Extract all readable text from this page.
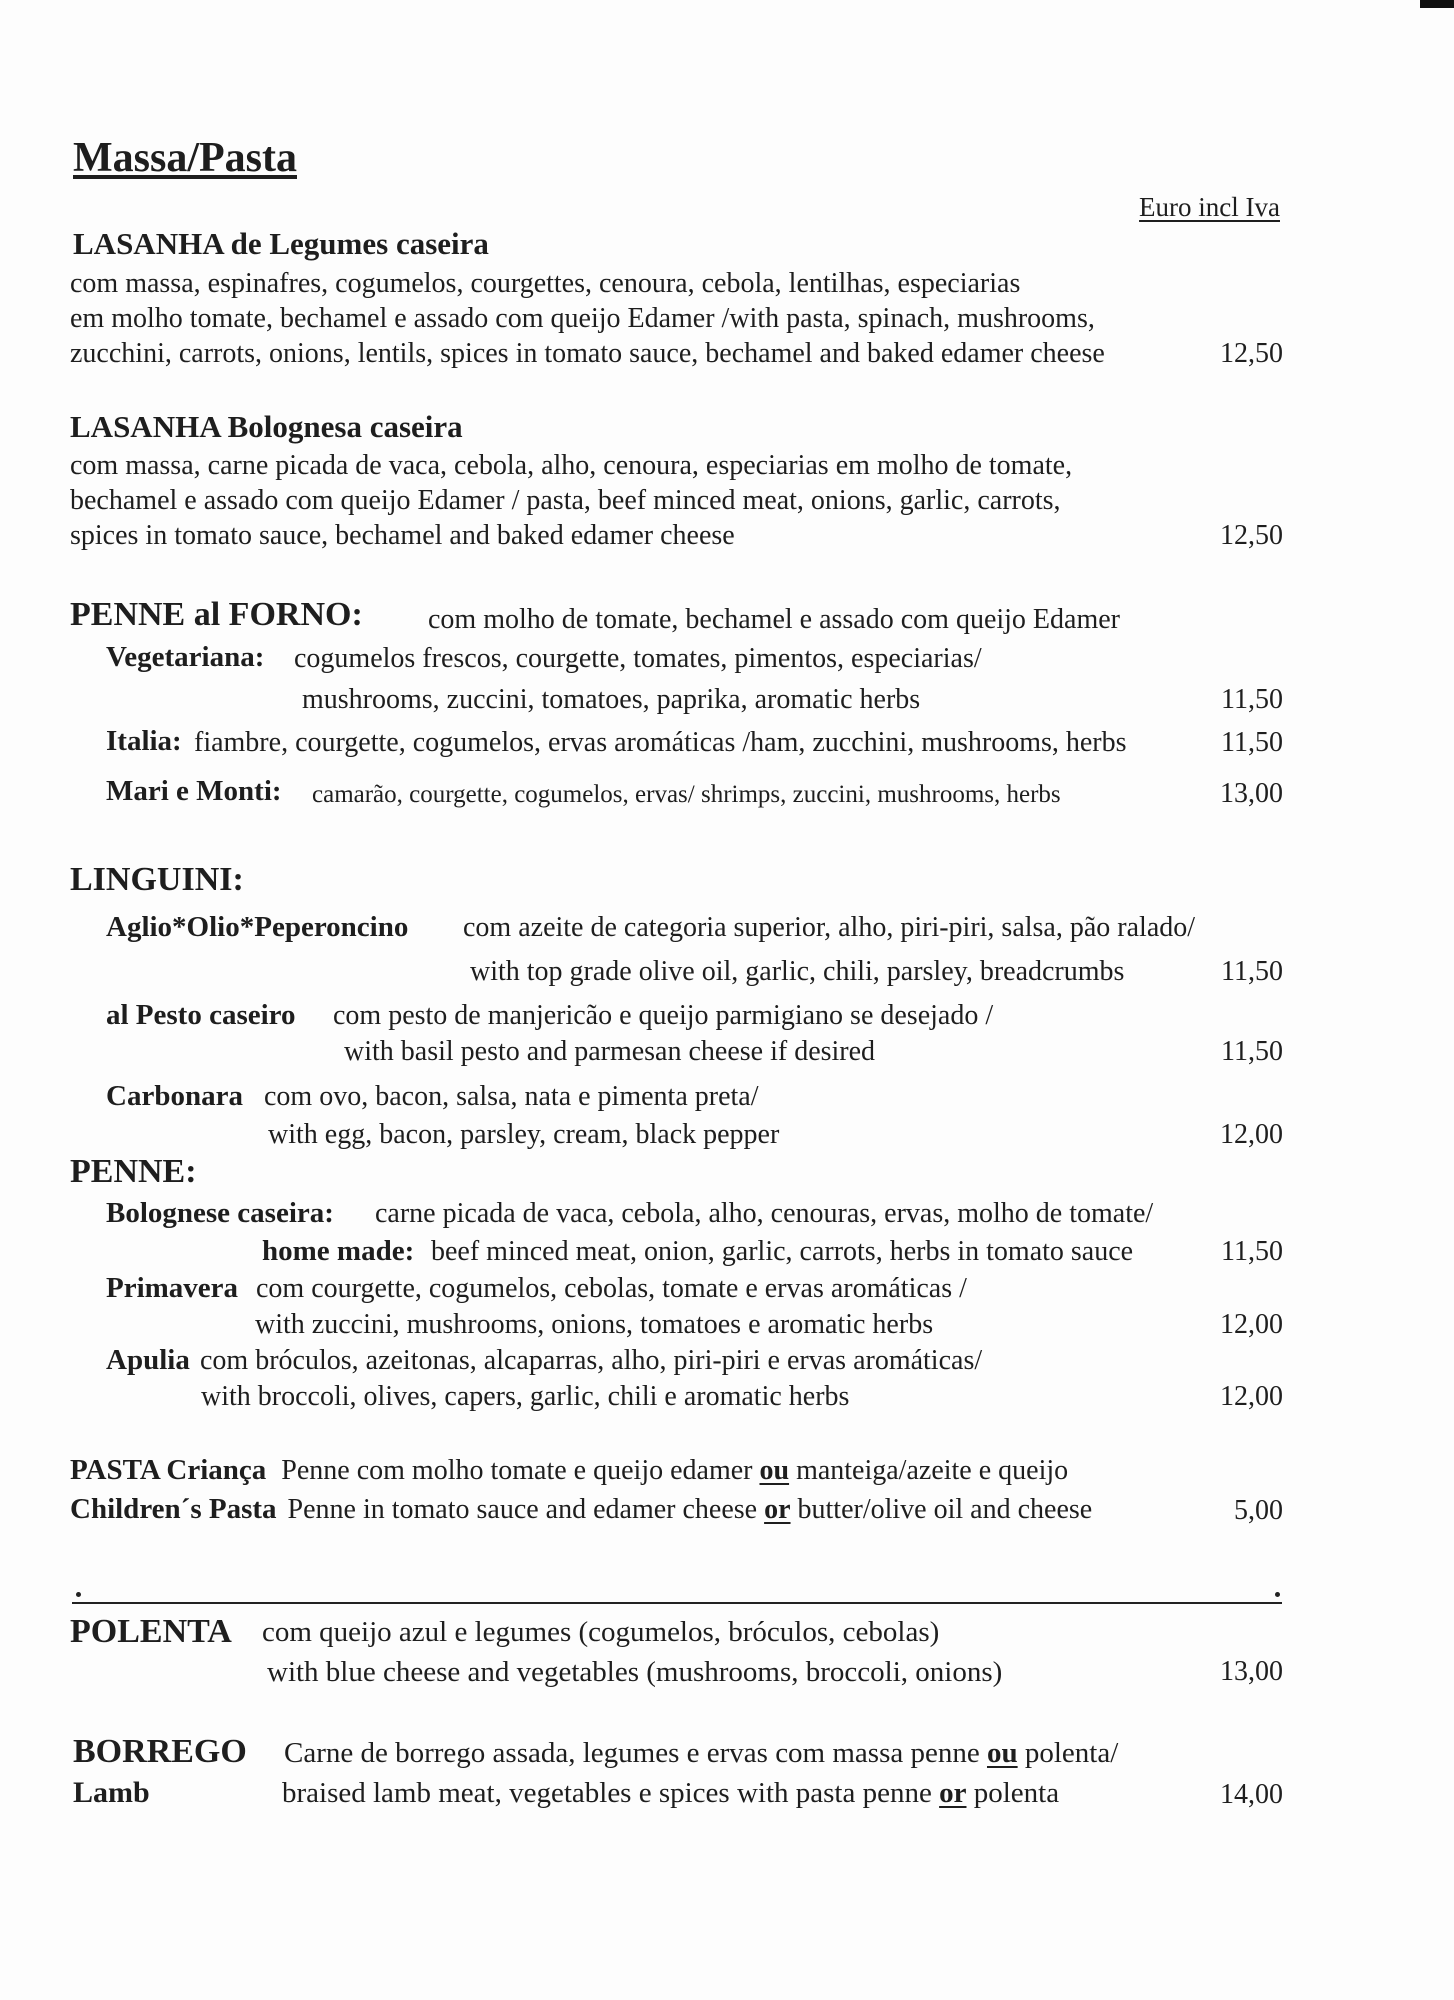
Massa/Pasta
Euro incl Iva
LASANHA de Legumes caseira
com massa, espinafres, cogumelos, courgettes, cenoura, cebola, lentilhas, especiarias
em molho tomate, bechamel e assado com queijo Edamer /with pasta, spinach, mushrooms,
zucchini, carrots, onions, lentils, spices in tomato sauce, bechamel and baked edamer cheese	12,50
LASANHA Bolognesa caseira
com massa, carne picada de vaca, cebola, alho, cenoura, especiarias em molho de tomate,
bechamel e assado com queijo Edamer / pasta, beef minced meat, onions, garlic, carrots,
spices in tomato sauce, bechamel and baked edamer cheese	12,50
PENNE al FORNO: com molho de tomate, bechamel e assado com queijo Edamer
Vegetariana: cogumelos frescos, courgette, tomates, pimentos, especiarias/
mushrooms, zuccini, tomatoes, paprika, aromatic herbs	11,50
Italia: fiambre, courgette, cogumelos, ervas aromáticas /ham, zucchini, mushrooms, herbs	11,50
Mari e Monti: camarão, courgette, cogumelos, ervas/ shrimps, zuccini, mushrooms, herbs	13,00
LINGUINI:
Aglio*Olio*Peperoncino com azeite de categoria superior, alho, piri-piri, salsa, pão ralado/
with top grade olive oil, garlic, chili, parsley, breadcrumbs	11,50
al Pesto caseiro com pesto de manjericão e queijo parmigiano se desejado /
with basil pesto and parmesan cheese if desired	11,50
Carbonara com ovo, bacon, salsa, nata e pimenta preta/
with egg, bacon, parsley, cream, black pepper	12,00
PENNE:
Bolognese caseira: carne picada de vaca, cebola, alho, cenouras, ervas, molho de tomate/
home made: beef minced meat, onion, garlic, carrots, herbs in tomato sauce	11,50
Primavera com courgette, cogumelos, cebolas, tomate e ervas aromáticas /
with zuccini, mushrooms, onions, tomatoes e aromatic herbs	12,00
Apulia com bróculos, azeitonas, alcaparras, alho, piri-piri e ervas aromáticas/
with broccoli, olives, capers, garlic, chili e aromatic herbs	12,00
PASTA Criança Penne com molho tomate e queijo edamer ou manteiga/azeite e queijo
Children´s Pasta Penne in tomato sauce and edamer cheese or butter/olive oil and cheese	5,00
POLENTA com queijo azul e legumes (cogumelos, bróculos, cebolas)
with blue cheese and vegetables (mushrooms, broccoli, onions)	13,00
BORREGO Carne de borrego assada, legumes e ervas com massa penne ou polenta/
Lamb	braised lamb meat, vegetables e spices with pasta penne or polenta	14,00
